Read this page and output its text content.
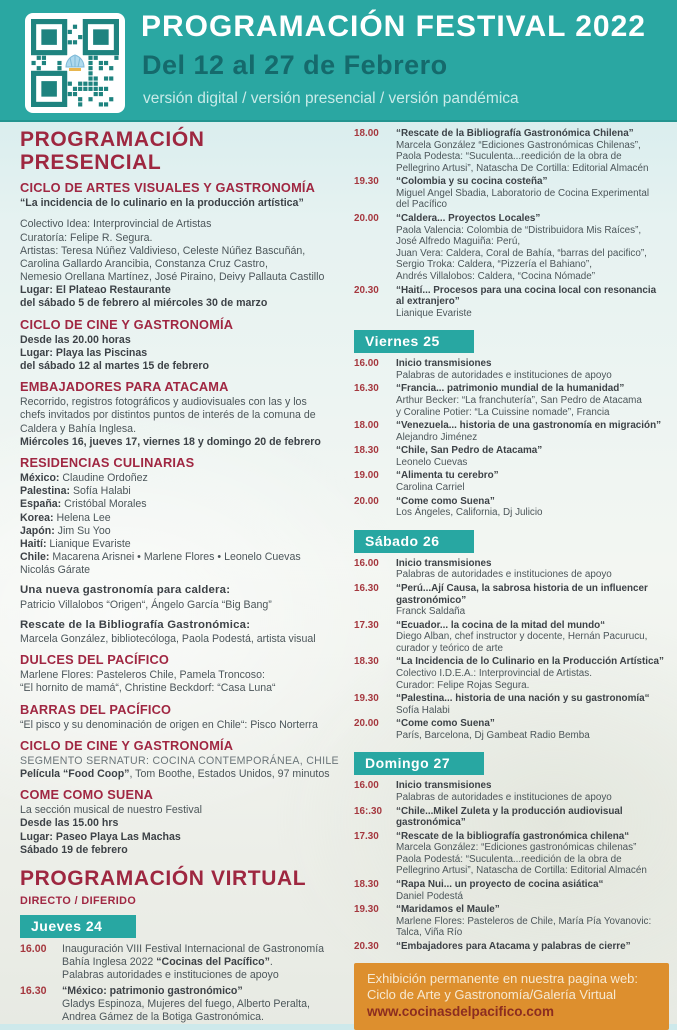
PROGRAMACIÓN FESTIVAL 2022
Del 12 al 27 de Febrero
versión digital / versión presencial / versión pandémica
PROGRAMACIÓN PRESENCIAL
CICLO DE ARTES VISUALES Y GASTRONOMÍA
“La incidencia de lo culinario en la producción artística”
Colectivo Idea: Interprovincial de Artistas
Curatoría: Felipe R. Segura.
Artistas: Teresa Núñez Valdivieso, Celeste Núñez Bascuñán,
Carolina Gallardo Arancibia, Constanza Cruz Castro,
Nemesio Orellana Martínez, José Piraino, Deivy Pallauta Castillo
Lugar: El Plateao Restaurante
del sábado 5 de febrero al miércoles 30 de marzo
CICLO DE CINE Y GASTRONOMÍA
Desde las 20.00 horas
Lugar: Playa las Piscinas
del sábado 12 al martes 15 de febrero
EMBAJADORES PARA ATACAMA
Recorrido, registros fotográficos y audiovisuales con las y los
chefs invitados por distintos puntos de interés de la comuna de
Caldera y Bahía Inglesa.
Miércoles 16, jueves 17, viernes 18 y domingo 20 de febrero
RESIDENCIAS CULINARIAS
México: Claudine Ordoñez
Palestina: Sofía Halabi
España: Cristóbal Morales
Korea: Helena Lee
Japón: Jim Su Yoo
Haití: Lianique Evariste
Chile: Macarena Arisnei • Marlene Flores • Leonelo Cuevas
Nicolás Gárate
Una nueva gastronomía para caldera:
Patricio Villalobos “Origen“, Ángelo García “Big Bang”
Rescate de la Bibliografía Gastronómica:
Marcela González, bibliotecóloga, Paola Podestá, artista visual
DULCES DEL PACÍFICO
Marlene Flores: Pasteleros Chile, Pamela Troncoso:
“El hornito de mamá“, Christine Beckdorf: “Casa Luna“
BARRAS DEL PACÍFICO
“El pisco y su denominación de origen en Chile“: Pisco Norterra
CICLO DE CINE Y GASTRONOMÍA
SEGMENTO SERNATUR: COCINA CONTEMPORÁNEA, CHILE
Película “Food Coop”, Tom Boothe, Estados Unidos, 97 minutos
COME COMO SUENA
La sección musical de nuestro Festival
Desde las 15.00 hrs
Lugar: Paseo Playa Las Machas
Sábado 19 de febrero
PROGRAMACIÓN VIRTUAL
DIRECTO / DIFERIDO
Jueves 24
16.00	Inauguración VIII Festival Internacional de Gastronomía
Bahía Inglesa 2022 “Cocinas del Pacífico”.
Palabras autoridades e instituciones de apoyo
16.30	“México: patrimonio gastronómico”
Gladys Espinoza, Mujeres del fuego, Alberto Peralta,
Andrea Gámez de la Botiga Gastronómica.
18.00	“Rescate de la Bibliografía Gastronómica Chilena”
Marcela González “Ediciones Gastronómicas Chilenas”,
Paola Podesta: “Suculenta...reedición de la obra de
Pellegrino Artusi”, Natascha De Cortilla: Editorial Almacén
19.30	“Colombia y su cocina costeña”
Miguel Angel Sbadia, Laboratorio de Cocina Experimental
del Pacífico
20.00	“Caldera... Proyectos Locales”
Paola Valencia: Colombia de “Distribuidora Mis Raíces”,
José Alfredo Maguiña: Perú,
Juan Vera: Caldera, Coral de Bahía, “barras del pacifico”,
Sergio Troka: Caldera, “Pizzería el Bahiano”,
Andrés Villalobos: Caldera, “Cocina Nómade”
20.30	“Haití... Procesos para una cocina local con resonancia
al extranjero”
Lianique Evariste
Viernes 25
16.00	Inicio transmisiones
Palabras de autoridades e instituciones de apoyo
16.30	“Francia... patrimonio mundial de la humanidad”
Arthur Becker: “La franchutería”, San Pedro de Atacama
y Coraline Potier: “La Cuissine nomade”, Francia
18.00	“Venezuela... historia de una gastronomía en migración”
Alejandro Jiménez
18.30	“Chile, San Pedro de Atacama”
Leonelo Cuevas
19.00	“Alimenta tu cerebro”
Carolina Carriel
20.00	“Come como Suena”
Los Ángeles, California, Dj Julicio
Sábado 26
16.00	Inicio transmisiones
Palabras de autoridades e instituciones de apoyo
16.30	“Perú...Ají Causa, la sabrosa historia de un influencer
gastronómico”
Franck Saldaña
17.30	“Ecuador... la cocina de la mitad del mundo“
Diego Alban, chef instructor y docente, Hernán Pacurucu,
curador y teórico de arte
18.30	“La Incidencia de lo Culinario en la Producción Artística”
Colectivo I.D.E.A.: Interprovincial de Artistas.
Curador: Felipe Rojas Segura.
19.30	“Palestina... historia de una nación y su gastronomía“
Sofía Halabi
20.00	“Come como Suena”
París, Barcelona, Dj Gambeat Radio Bemba
Domingo 27
16.00	Inicio transmisiones
Palabras de autoridades e instituciones de apoyo
16:.30	“Chile...Mikel Zuleta y la producción audiovisual
gastronómica”
17.30	“Rescate de la bibliografía gastronómica chilena“
Marcela González: “Ediciones gastronómicas chilenas”
Paola Podestá: “Suculenta...reedición de la obra de
Pellegrino Artusi”, Natascha de Cortilla: Editorial Almacén
18.30	“Rapa Nui... un proyecto de cocina asiática“
Daniel Podestá
19.30	“Maridamos el Maule”
Marlene Flores: Pasteleros de Chile, María Pía Yovanovic:
Talca, Viña Río
20.30	“Embajadores para Atacama y palabras de cierre”
Exhibición permanente en nuestra pagina web:
Ciclo de Arte y Gastronomía/Galería Virtual
www.cocinasdelpacifico.com
